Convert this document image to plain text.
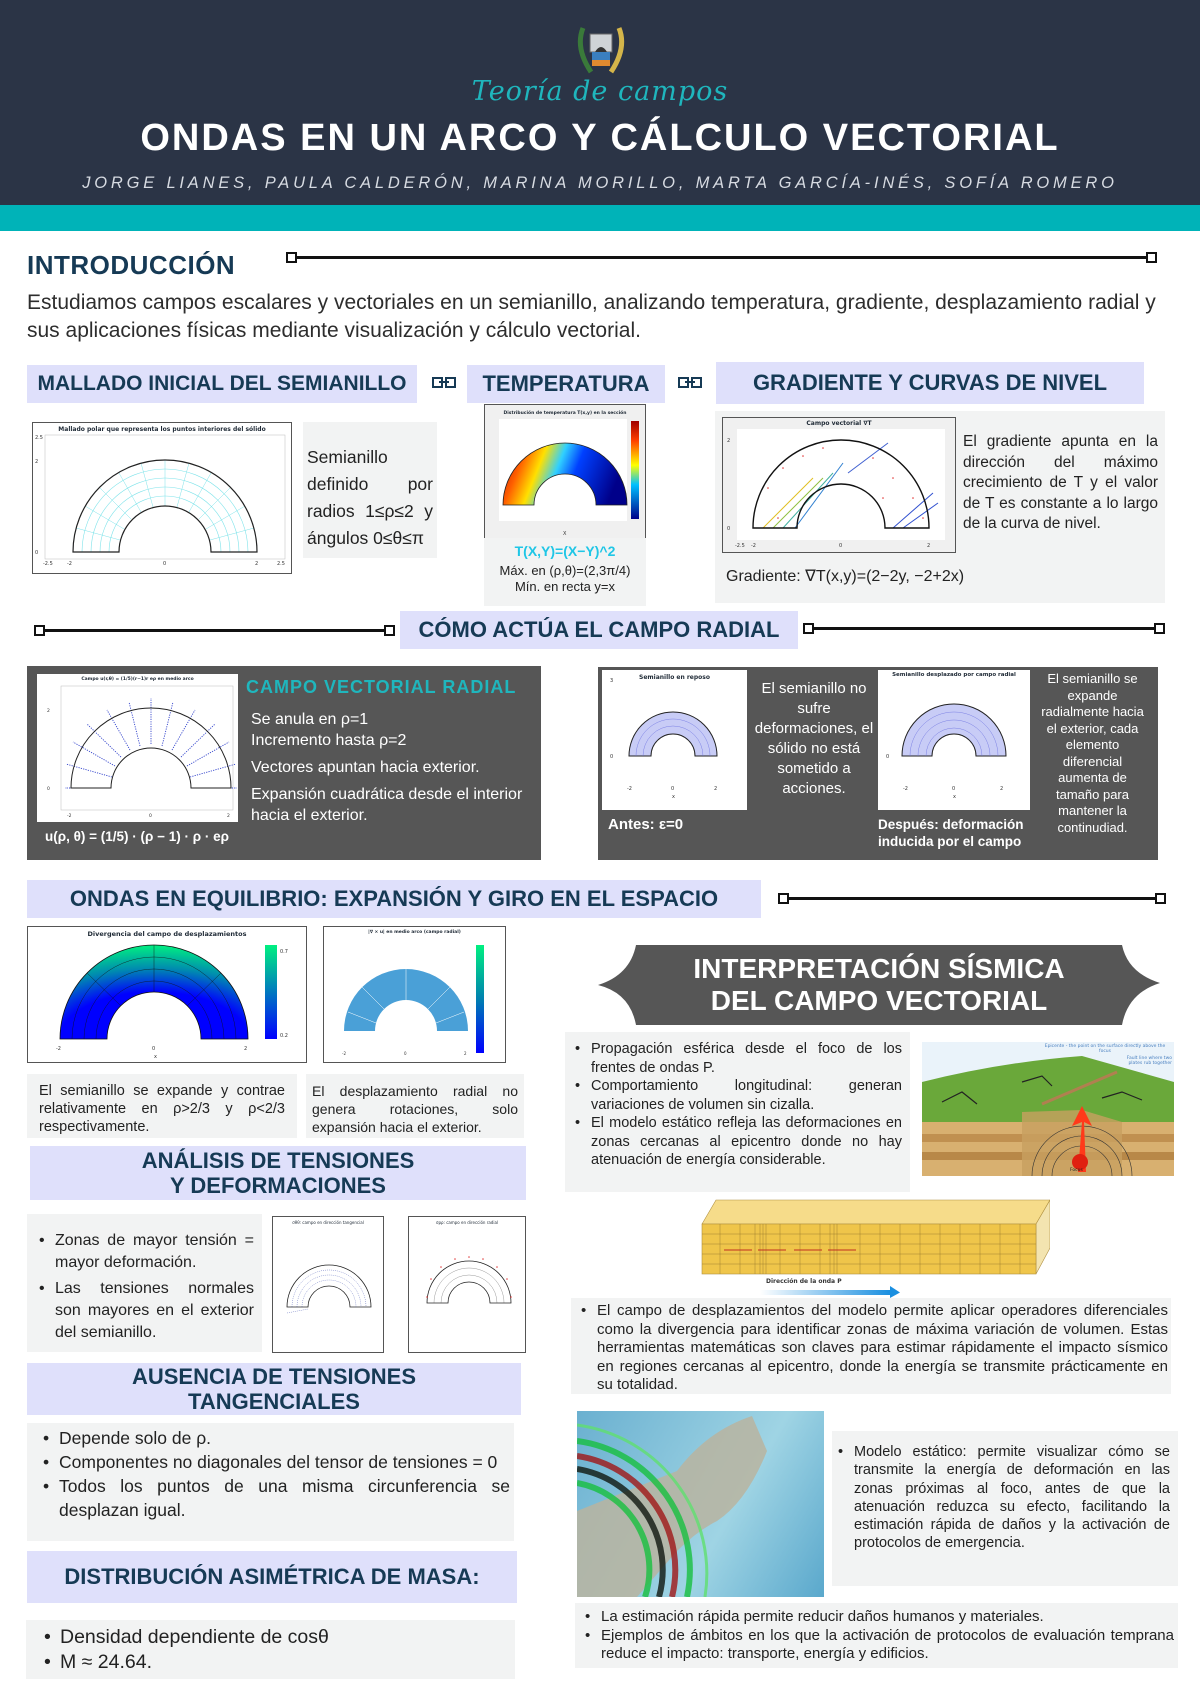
Teoría de campos
ONDAS EN UN ARCO Y CÁLCULO VECTORIAL
JORGE LIANES, PAULA CALDERÓN, MARINA MORILLO, MARTA GARCÍA-INÉS, SOFÍA ROMERO
INTRODUCCIÓN
Estudiamos campos escalares y vectoriales en un semianillo, analizando temperatura, gradiente, desplazamiento radial y sus aplicaciones físicas mediante visualización y cálculo vectorial.
MALLADO INICIAL DEL SEMIANILLO	TEMPERATURA	GRADIENTE Y CURVAS DE NIVEL
Mallado polar que representa los puntos interiores del sólido
-2.5	-2	0	2	2.5
0
2
2.5
Semianillo definido por radios 1≤ρ≤2 y ángulos 0≤θ≤π
Distribución de temperatura T(x,y) en la sección
X
T(X,Y)=(X−Y)^2
Máx. en (ρ,θ)=(2,3π/4)
Mín. en recta y=x
Campo vectorial ∇T
-2.5 -2	0	2
0
2	El gradiente apunta en la dirección del máximo crecimiento de T y el valor de T es constante a lo largo de la curva de nivel.
Gradiente: ∇T(x,y)=(2−2y, −2+2x)
CÓMO ACTÚA EL CAMPO RADIAL
Campo u(r,θ) = (1/5)(r−1)r eρ en medio arco
-2	0	2
0
2
u(ρ, θ) = (1/5) · (ρ − 1) · ρ · eρ
CAMPO VECTORIAL RADIAL
Se anula en ρ=1
Incremento hasta ρ=2
Vectores apuntan hacia exterior.
Expansión cuadrática desde el interior hacia el exterior.
Semianillo en reposo
3
0
-2	0	2
x
Antes: ε=0
El semianillo no sufre deformaciones, el sólido no está sometido a acciones.
Semianillo desplazado por campo radial
0
-2	0	2
x
Después: deformación inducida por el campo
El semianillo se expande radialmente hacia el exterior, cada elemento diferencial aumenta de tamaño para mantener la continudiad.
ONDAS EN EQUILIBRIO: EXPANSIÓN Y GIRO EN EL ESPACIO
Divergencia del campo de desplazamientos
0.2
0.7
-2	0	2
x
|∇ × u| en medio arco (campo radial)
-2	0	2
El semianillo se expande y contrae relativamente en ρ>2/3 y ρ<2/3 respectivamente.
El desplazamiento radial no genera rotaciones, solo expansión hacia el exterior.
ANÁLISIS DE TENSIONES
Y DEFORMACIONES
• Zonas de mayor tensión = mayor deformación.
• Las tensiones normales son mayores en el exterior del semianillo.
σθθ: campo en dirección tangencial	σρρ: campo en dirección radial
AUSENCIA DE TENSIONES
TANGENCIALES
• Depende solo de ρ.
• Componentes no diagonales del tensor de tensiones = 0
• Todos los puntos de una misma circunferencia se desplazan igual.
DISTRIBUCIÓN ASIMÉTRICA DE MASA:
• Densidad dependiente de cosθ
• M ≈ 24.64.
INTERPRETACIÓN SÍSMICA
DEL CAMPO VECTORIAL
• Propagación esférica desde el foco de los frentes de ondas P.
• Comportamiento longitudinal: generan variaciones de volumen sin cizalla.
• El modelo estático refleja las deformaciones en zonas cercanas al epicentro donde no hay atenuación de energía considerable.
Epicente - the point on the surface directly above the focus
Fault line where two plates rub together
Focus
Dirección de la onda P
• El campo de desplazamientos del modelo permite aplicar operadores diferenciales como la divergencia para identificar zonas de máxima variación de volumen. Estas herramientas matemáticas son claves para estimar rápidamente el impacto sísmico en regiones cercanas al epicentro, donde la energía se transmite prácticamente en su totalidad.
• Modelo estático: permite visualizar cómo se transmite la energía de deformación en las zonas próximas al foco, antes de que la atenuación reduzca su efecto, facilitando la estimación rápida de daños y la activación de protocolos de emergencia.
• La estimación rápida permite reducir daños humanos y materiales.
• Ejemplos de ámbitos en los que la activación de protocolos de evaluación temprana reduce el impacto: transporte, energía y edificios.
